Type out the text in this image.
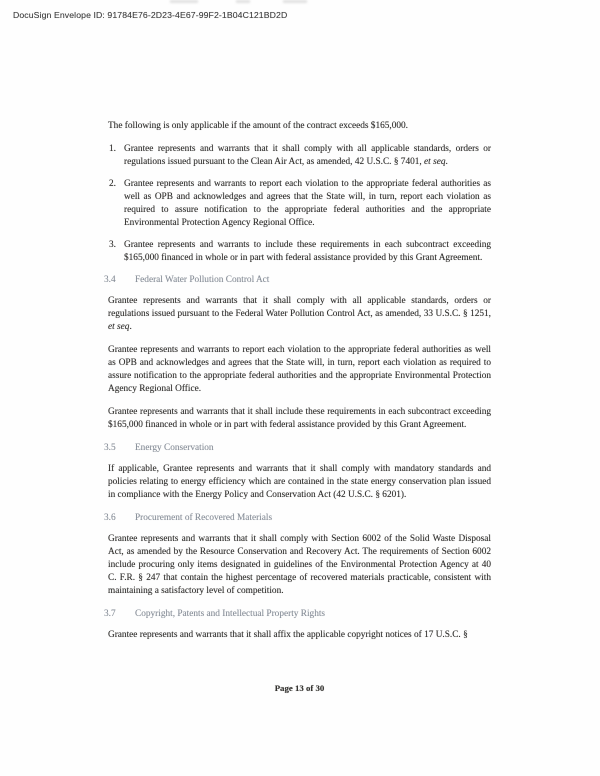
DocuSign Envelope ID: 91784E76-2D23-4E67-99F2-1B04C121BD2D

The following is only applicable if the amount of the contract exceeds $165,000.

1. Grantee represents and warrants that it shall comply with all applicable standards, orders or regulations issued pursuant to the Clean Air Act, as amended, 42 U.S.C. § 7401, et seq.
2. Grantee represents and warrants to report each violation to the appropriate federal authorities as well as OPB and acknowledges and agrees that the State will, in turn, report each violation as required to assure notification to the appropriate federal authorities and the appropriate Environmental Protection Agency Regional Office.
3. Grantee represents and warrants to include these requirements in each subcontract exceeding $165,000 financed in whole or in part with federal assistance provided by this Grant Agreement.
3.4	Federal Water Pollution Control Act

Grantee represents and warrants that it shall comply with all applicable standards, orders or regulations issued pursuant to the Federal Water Pollution Control Act, as amended, 33 U.S.C. § 1251, et seq.

Grantee represents and warrants to report each violation to the appropriate federal authorities as well as OPB and acknowledges and agrees that the State will, in turn, report each violation as required to assure notification to the appropriate federal authorities and the appropriate Environmental Protection Agency Regional Office.

Grantee represents and warrants that it shall include these requirements in each subcontract exceeding $165,000 financed in whole or in part with federal assistance provided by this Grant Agreement.

3.5	Energy Conservation

If applicable, Grantee represents and warrants that it shall comply with mandatory standards and policies relating to energy efficiency which are contained in the state energy conservation plan issued in compliance with the Energy Policy and Conservation Act (42 U.S.C. § 6201).

3.6	Procurement of Recovered Materials

Grantee represents and warrants that it shall comply with Section 6002 of the Solid Waste Disposal Act, as amended by the Resource Conservation and Recovery Act. The requirements of Section 6002 include procuring only items designated in guidelines of the Environmental Protection Agency at 40 C. F.R. § 247 that contain the highest percentage of recovered materials practicable, consistent with maintaining a satisfactory level of competition.

3.7	Copyright, Patents and Intellectual Property Rights

Grantee represents and warrants that it shall affix the applicable copyright notices of 17 U.S.C. §

Page 13 of 30
